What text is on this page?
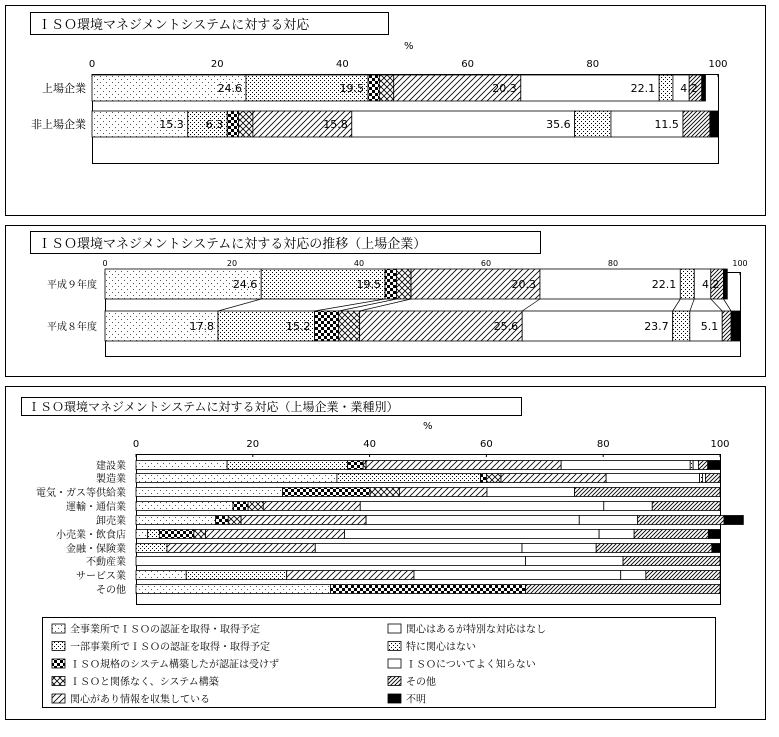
ＩＳＯ環境マネジメントシステムに対する対応
ＩＳＯ環境マネジメントシステムに対する対応の推移（上場企業）
ＩＳＯ環境マネジメントシステムに対する対応（上場企業・業種別）
%
%
0	20	40	60	80	100
上場企業	24.6	19.5	20.3	22.1 4.2
非上場企業	15.3 6.3	15.8	35.6	11.5
0	20	40	60	80	100
平成９年度	24.6	19.5	20.3	22.1 4.2
平成８年度	17.8	15.2	25.6	23.7	5.1
0	20	40	60	80	100
建設業
製造業
電気・ガス等供給業
運輸・通信業
卸売業
小売業・飲食店
金融・保険業
不動産業
サービス業
その他
全事業所でＩＳＯの認証を取得・取得予定
一部事業所でＩＳＯの認証を取得・取得予定
ＩＳＯ規格のシステム構築したが認証は受けず
ＩＳＯと関係なく、システム構築
関心があり情報を収集している
関心はあるが特別な対応はなし
特に関心はない
ＩＳＯについてよく知らない
その他
不明
